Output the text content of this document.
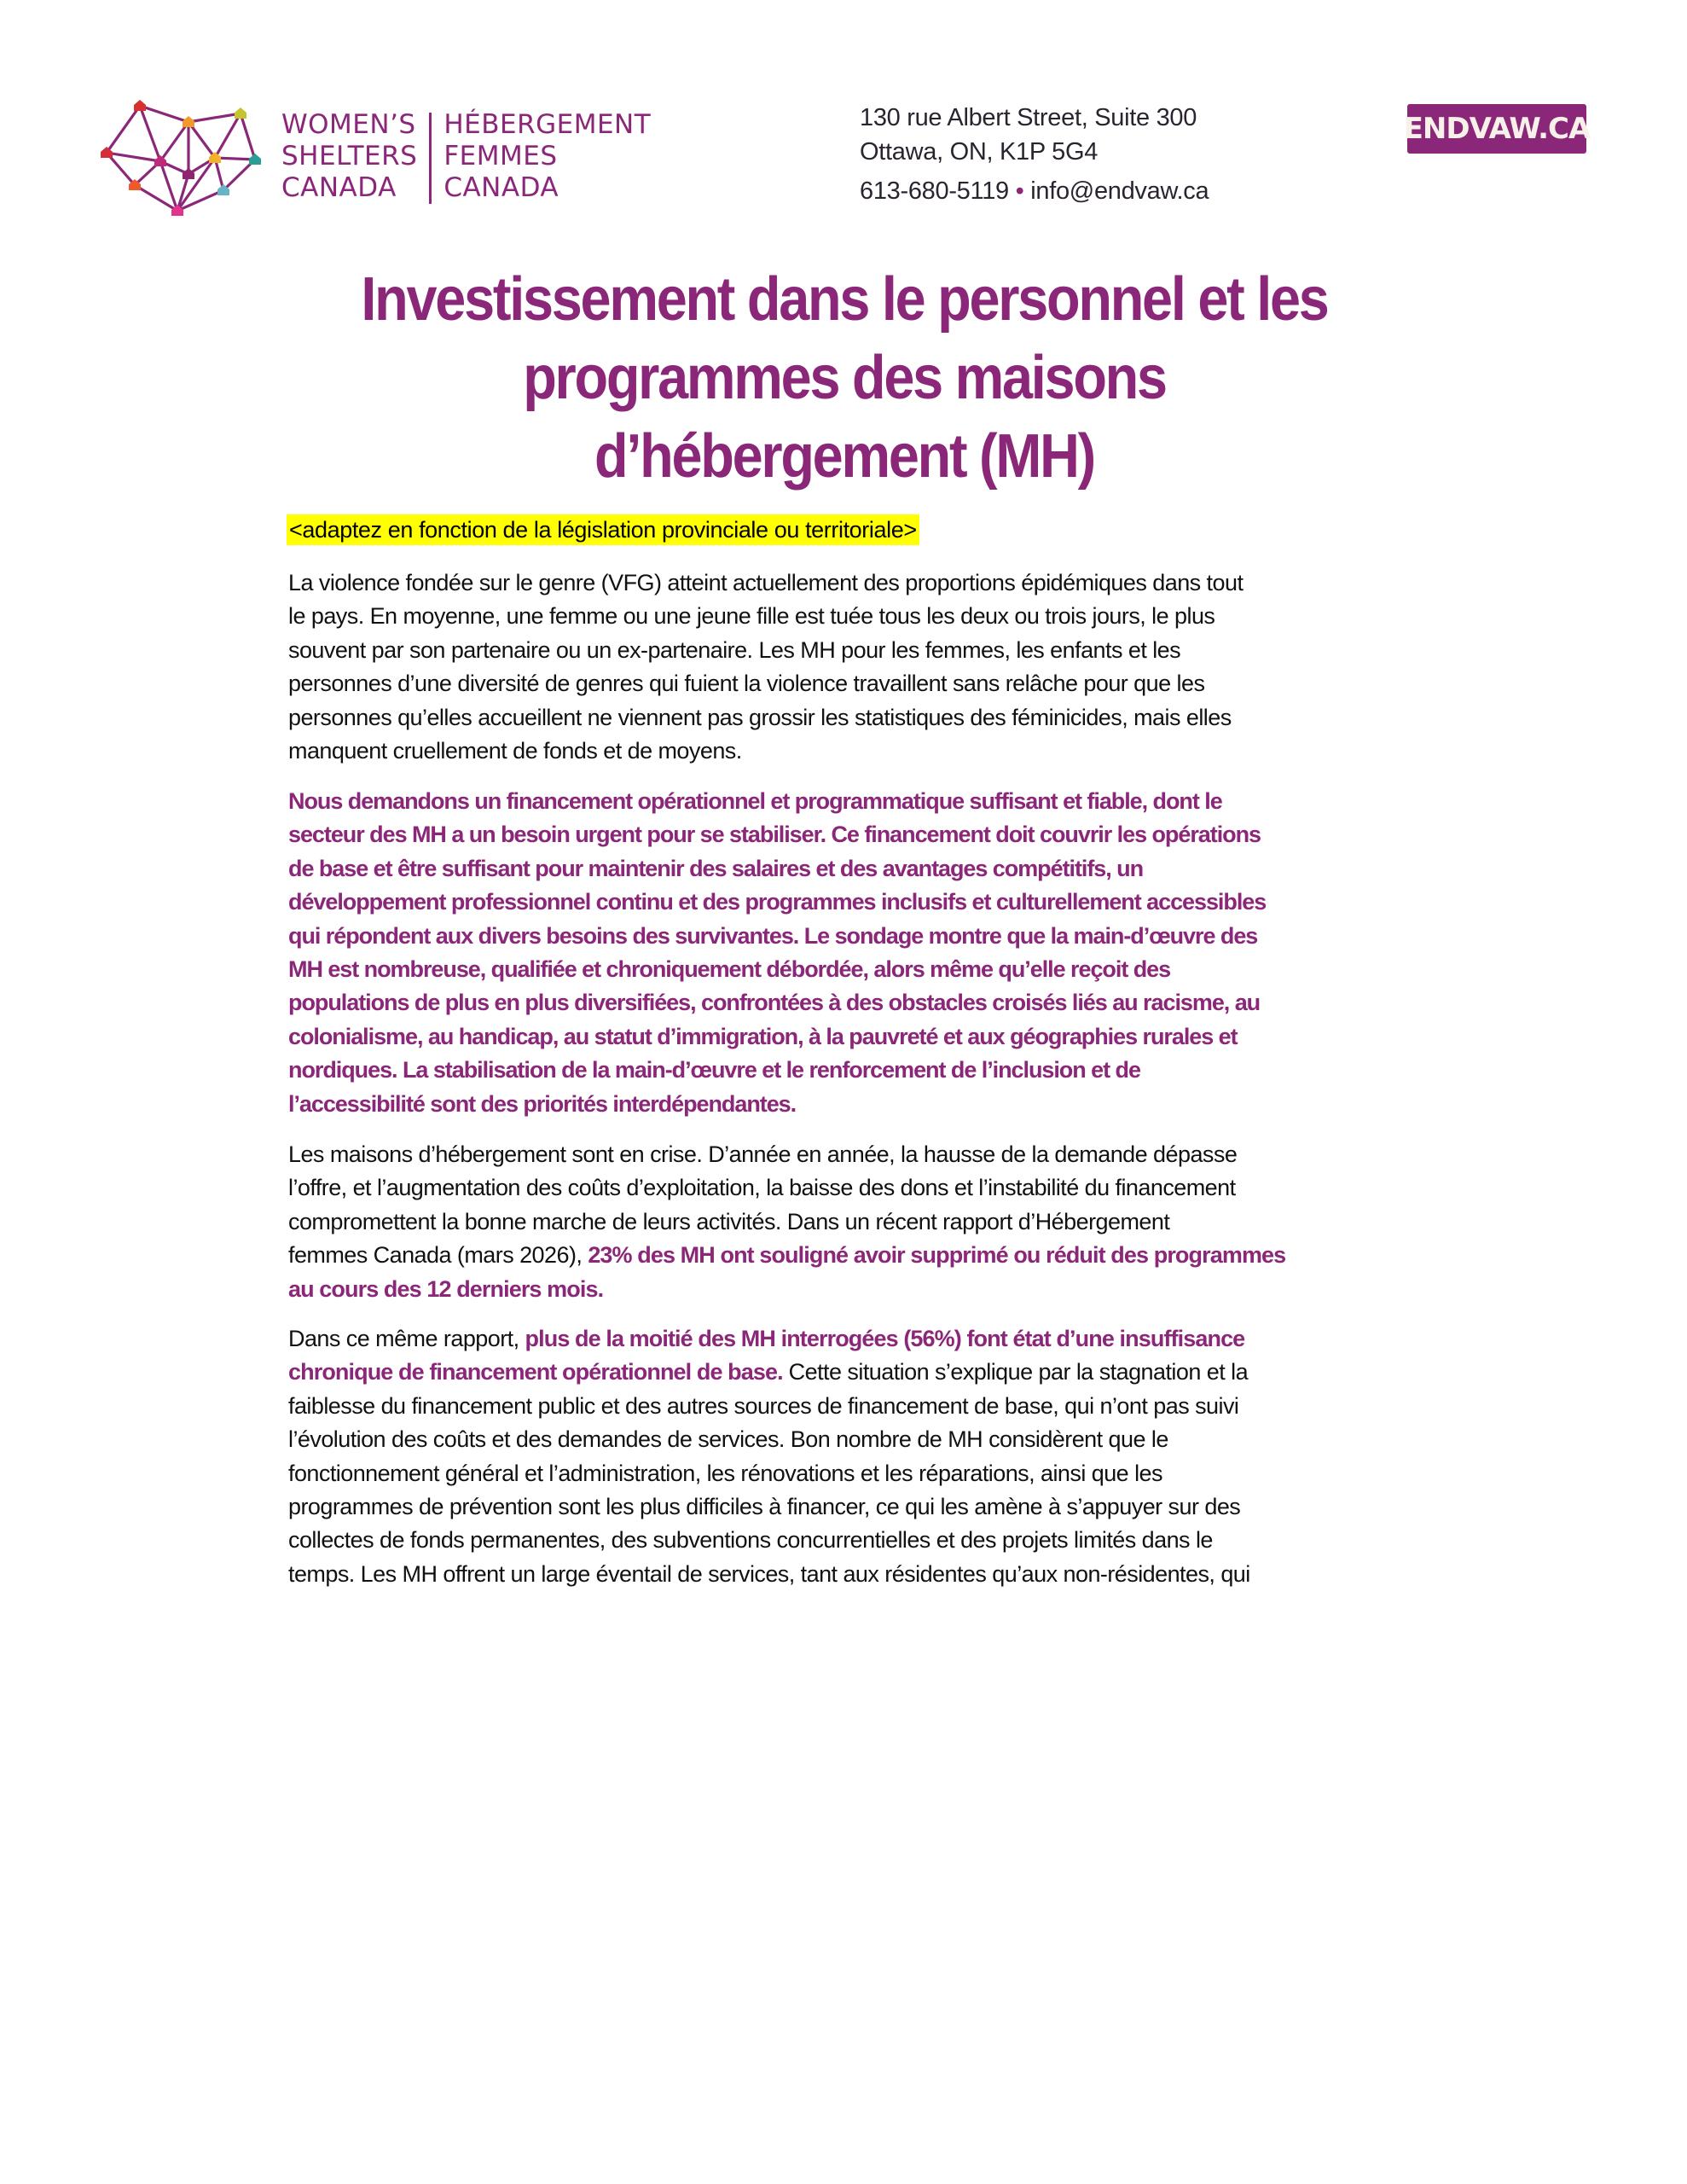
WOMEN’S
SHELTERS
CANADA
HÉBERGEMENT
FEMMES
CANADA
130 rue Albert Street, Suite 300
Ottawa, ON, K1P 5G4
613-680-5119 • info@endvaw.ca
ENDVAW.CA
Investissement dans le personnel et les
programmes des maisons
d’hébergement (MH)
<adaptez en fonction de la législation provinciale ou territoriale>
La violence fondée sur le genre (VFG) atteint actuellement des proportions épidémiques dans tout
le pays. En moyenne, une femme ou une jeune fille est tuée tous les deux ou trois jours, le plus
souvent par son partenaire ou un ex-partenaire. Les MH pour les femmes, les enfants et les
personnes d’une diversité de genres qui fuient la violence travaillent sans relâche pour que les
personnes qu’elles accueillent ne viennent pas grossir les statistiques des féminicides, mais elles
manquent cruellement de fonds et de moyens.
Nous demandons un financement opérationnel et programmatique suffisant et fiable, dont le
secteur des MH a un besoin urgent pour se stabiliser. Ce financement doit couvrir les opérations
de base et être suffisant pour maintenir des salaires et des avantages compétitifs, un
développement professionnel continu et des programmes inclusifs et culturellement accessibles
qui répondent aux divers besoins des survivantes. Le sondage montre que la main-d’œuvre des
MH est nombreuse, qualifiée et chroniquement débordée, alors même qu’elle reçoit des
populations de plus en plus diversifiées, confrontées à des obstacles croisés liés au racisme, au
colonialisme, au handicap, au statut d’immigration, à la pauvreté et aux géographies rurales et
nordiques. La stabilisation de la main-d’œuvre et le renforcement de l’inclusion et de
l’accessibilité sont des priorités interdépendantes.
Les maisons d’hébergement sont en crise. D’année en année, la hausse de la demande dépasse
l’offre, et l’augmentation des coûts d’exploitation, la baisse des dons et l’instabilité du financement
compromettent la bonne marche de leurs activités. Dans un récent rapport d’Hébergement
femmes Canada (mars 2026), 23% des MH ont souligné avoir supprimé ou réduit des programmes
au cours des 12 derniers mois.
Dans ce même rapport, plus de la moitié des MH interrogées (56%) font état d’une insuffisance
chronique de financement opérationnel de base. Cette situation s’explique par la stagnation et la
faiblesse du financement public et des autres sources de financement de base, qui n’ont pas suivi
l’évolution des coûts et des demandes de services. Bon nombre de MH considèrent que le
fonctionnement général et l’administration, les rénovations et les réparations, ainsi que les
programmes de prévention sont les plus difficiles à financer, ce qui les amène à s’appuyer sur des
collectes de fonds permanentes, des subventions concurrentielles et des projets limités dans le
temps. Les MH offrent un large éventail de services, tant aux résidentes qu’aux non-résidentes, qui
